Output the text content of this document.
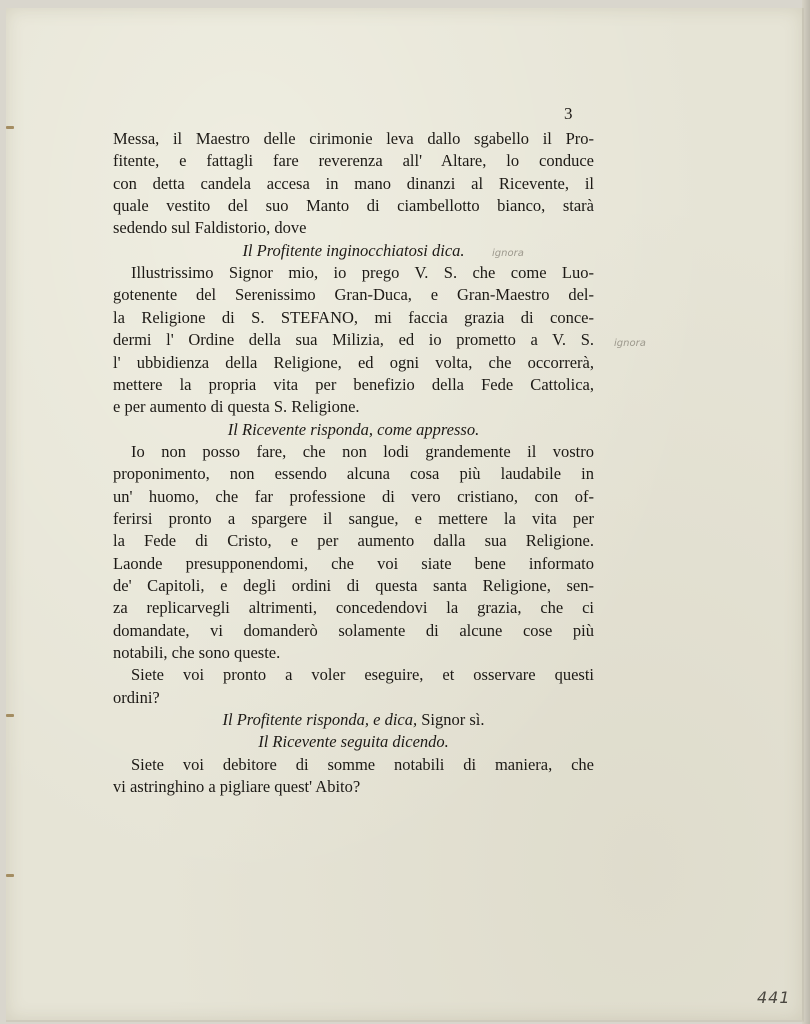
3
Messa, il Maestro delle cirimonie leva dallo sgabello il Pro-
fitente, e fattagli fare reverenza all' Altare, lo conduce
con detta candela accesa in mano dinanzi al Ricevente, il
quale vestito del suo Manto di ciambellotto bianco, starà
sedendo sul Faldistorio, dove
Il Profitente inginocchiatosi dica.
Illustrissimo Signor mio, io prego V. S. che come Luo-
gotenente del Serenissimo Gran-Duca, e Gran-Maestro del-
la Religione di S. STEFANO, mi faccia grazia di conce-
dermi l' Ordine della sua Milizia, ed io prometto a V. S.
l' ubbidienza della Religione, ed ogni volta, che occorrerà,
mettere la propria vita per benefizio della Fede Cattolica,
e per aumento di questa S. Religione.
Il Ricevente risponda, come appresso.
Io non posso fare, che non lodi grandemente il vostro
proponimento, non essendo alcuna cosa più laudabile in
un' huomo, che far professione di vero cristiano, con of-
ferirsi pronto a spargere il sangue, e mettere la vita per
la Fede di Cristo, e per aumento dalla sua Religione.
Laonde presupponendomi, che voi siate bene informato
de' Capitoli, e degli ordini di questa santa Religione, sen-
za replicarvegli altrimenti, concedendovi la grazia, che ci
domandate, vi domanderò solamente di alcune cose più
notabili, che sono queste.
Siete voi pronto a voler eseguire, et osservare questi
ordini?
Il Profitente risponda, e dica, Signor sì.
Il Ricevente seguita dicendo.
Siete voi debitore di somme notabili di maniera, che
vi astringhino a pigliare quest' Abito?
ignora
ignora
441
